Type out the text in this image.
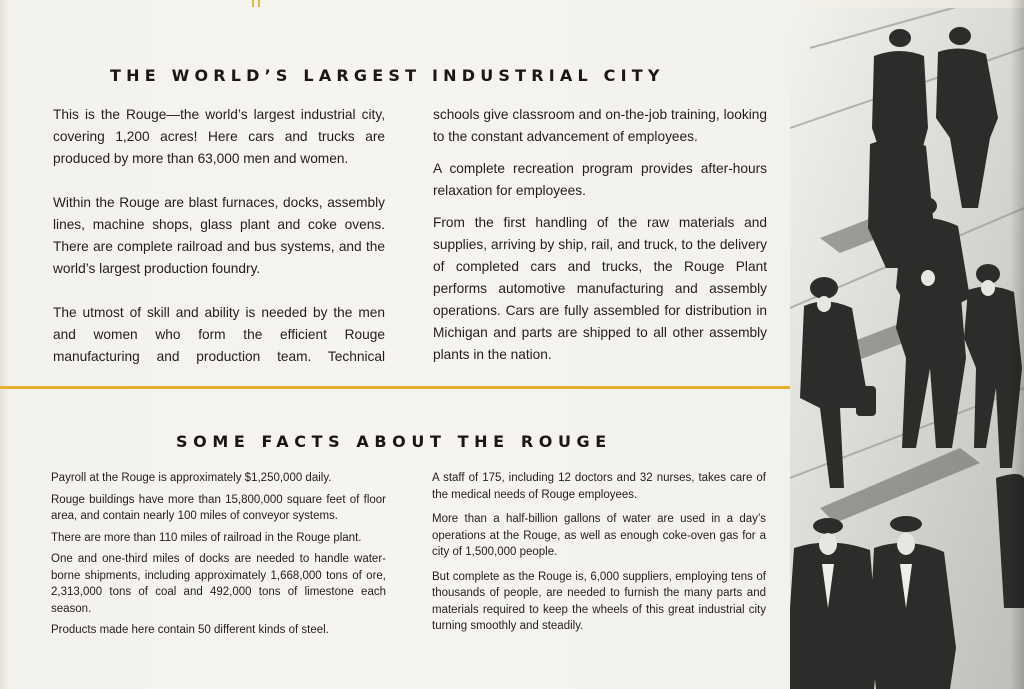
THE WORLD’S LARGEST INDUSTRIAL CITY

This is the Rouge—the world’s largest industrial city, covering 1,200 acres! Here cars and trucks are produced by more than 63,000 men and women.

Within the Rouge are blast furnaces, docks, assembly lines, machine shops, glass plant and coke ovens. There are complete railroad and bus systems, and the world’s largest production foundry.

The utmost of skill and ability is needed by the men and women who form the efficient Rouge manufacturing and production team. Technical

schools give classroom and on-the-job training, looking to the constant advancement of employees.

A complete recreation program provides after-hours relaxation for employees.

From the first handling of the raw materials and supplies, arriving by ship, rail, and truck, to the delivery of completed cars and trucks, the Rouge Plant performs automotive manufacturing and assembly operations. Cars are fully assembled for distribution in Michigan and parts are shipped to all other assembly plants in the nation.

SOME FACTS ABOUT THE ROUGE

Payroll at the Rouge is approximately $1,250,000 daily.

Rouge buildings have more than 15,800,000 square feet of floor area, and contain nearly 100 miles of conveyor systems.

There are more than 110 miles of railroad in the Rouge plant.

One and one-third miles of docks are needed to handle water-borne shipments, including approximately 1,668,000 tons of ore, 2,313,000 tons of coal and 492,000 tons of limestone each season.

Products made here contain 50 different kinds of steel.

A staff of 175, including 12 doctors and 32 nurses, takes care of the medical needs of Rouge employees.

More than a half-billion gallons of water are used in a day’s operations at the Rouge, as well as enough coke-oven gas for a city of 1,500,000 people.

But complete as the Rouge is, 6,000 suppliers, employing tens of thousands of people, are needed to furnish the many parts and materials required to keep the wheels of this great industrial city turning smoothly and steadily.
